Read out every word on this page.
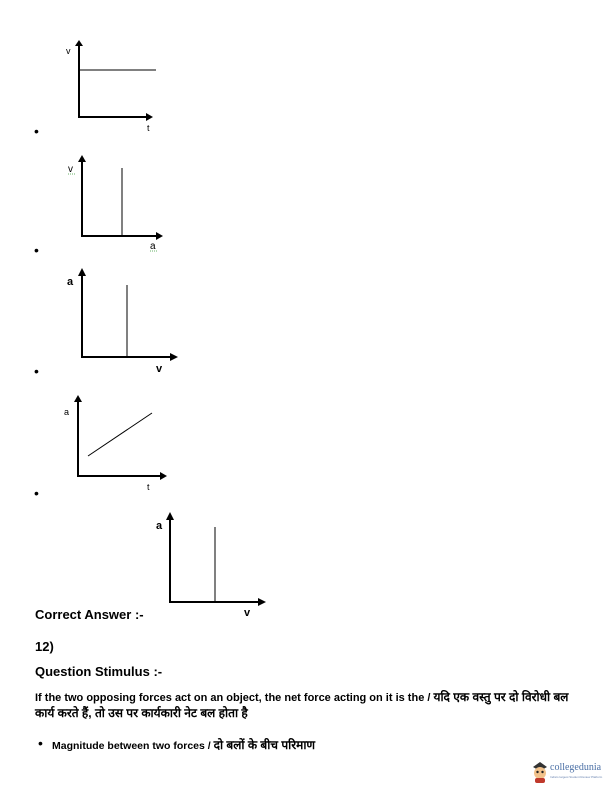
v
t
•
v
a
•
a
v
•
a
t
•
a
v
Correct Answer :-
12)
Question Stimulus :-
If the two opposing forces act on an object, the net force acting on it is the / यदि एक वस्तु पर दो विरोधी बल कार्य करते हैं, तो उस पर कार्यकारी नेट बल होता है
• Magnitude between two forces / दो बलों के बीच परिमाण
collegedunia
India's largest Student Review Platform
